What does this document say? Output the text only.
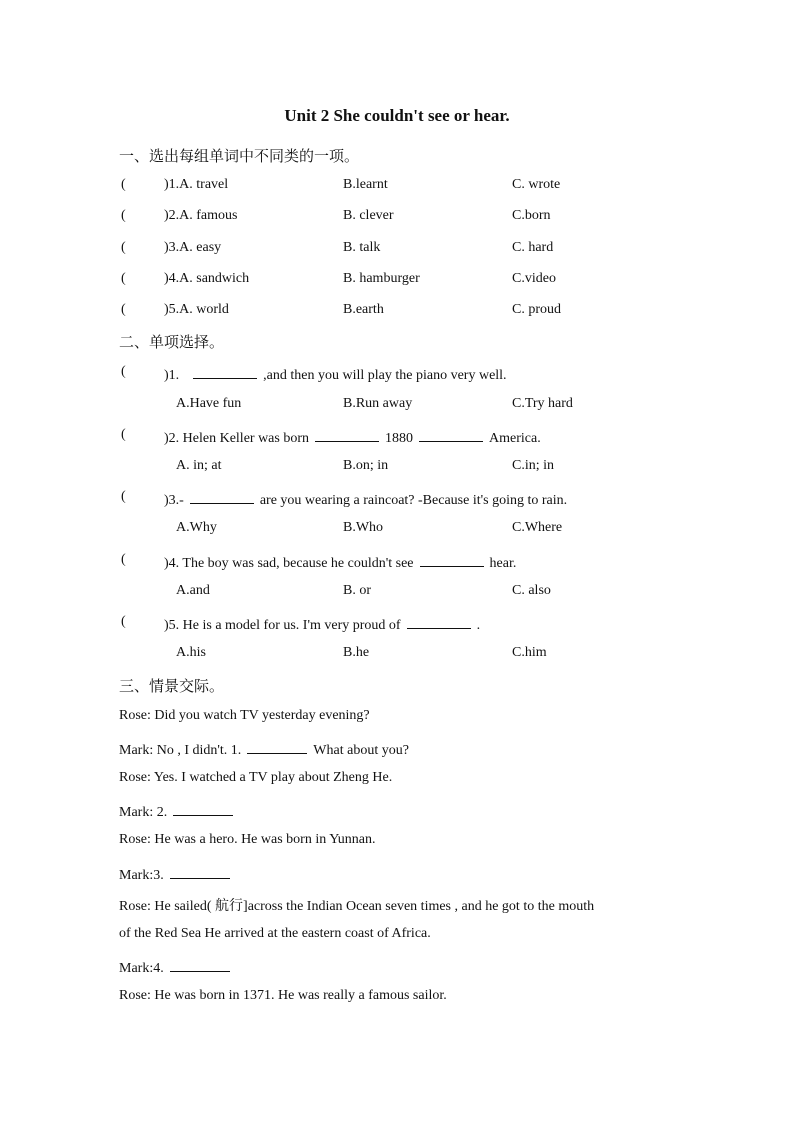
Unit 2 She couldn't see or hear.
一、选出每组单词中不同类的一项。
(	)1.A. travel	B.learnt	C. wrote
(	)2.A. famous	B. clever	C.born
(	)3.A. easy	B. talk	C. hard
(	)4.A. sandwich	B. hamburger	C.video
(	)5.A. world	B.earth	C. proud
二、单项选择。
(	)1.	,and then you will play the piano very well.
A.Have fun	B.Run away	C.Try hard
(	)2. Helen Keller was born	1880	America.
A. in; at	B.on; in	C.in; in
(	)3.-	are you wearing a raincoat? -Because it's going to rain.
A.Why	B.Who	C.Where
(	)4. The boy was sad, because he couldn't see	hear.
A.and	B. or	C. also
(	)5. He is a model for us. I'm very proud of	.
A.his	B.he	C.him
三、情景交际。
Rose: Did you watch TV yesterday evening?
Mark: No , I didn't. 1.	What about you?
Rose: Yes. I watched a TV play about Zheng He.
Mark: 2.
Rose: He was a hero. He was born in Yunnan.
Mark:3.
Rose: He sailed( 航行]across the Indian Ocean seven times , and he got to the mouth
of the Red Sea He arrived at the eastern coast of Africa.
Mark:4.
Rose: He was born in 1371. He was really a famous sailor.
